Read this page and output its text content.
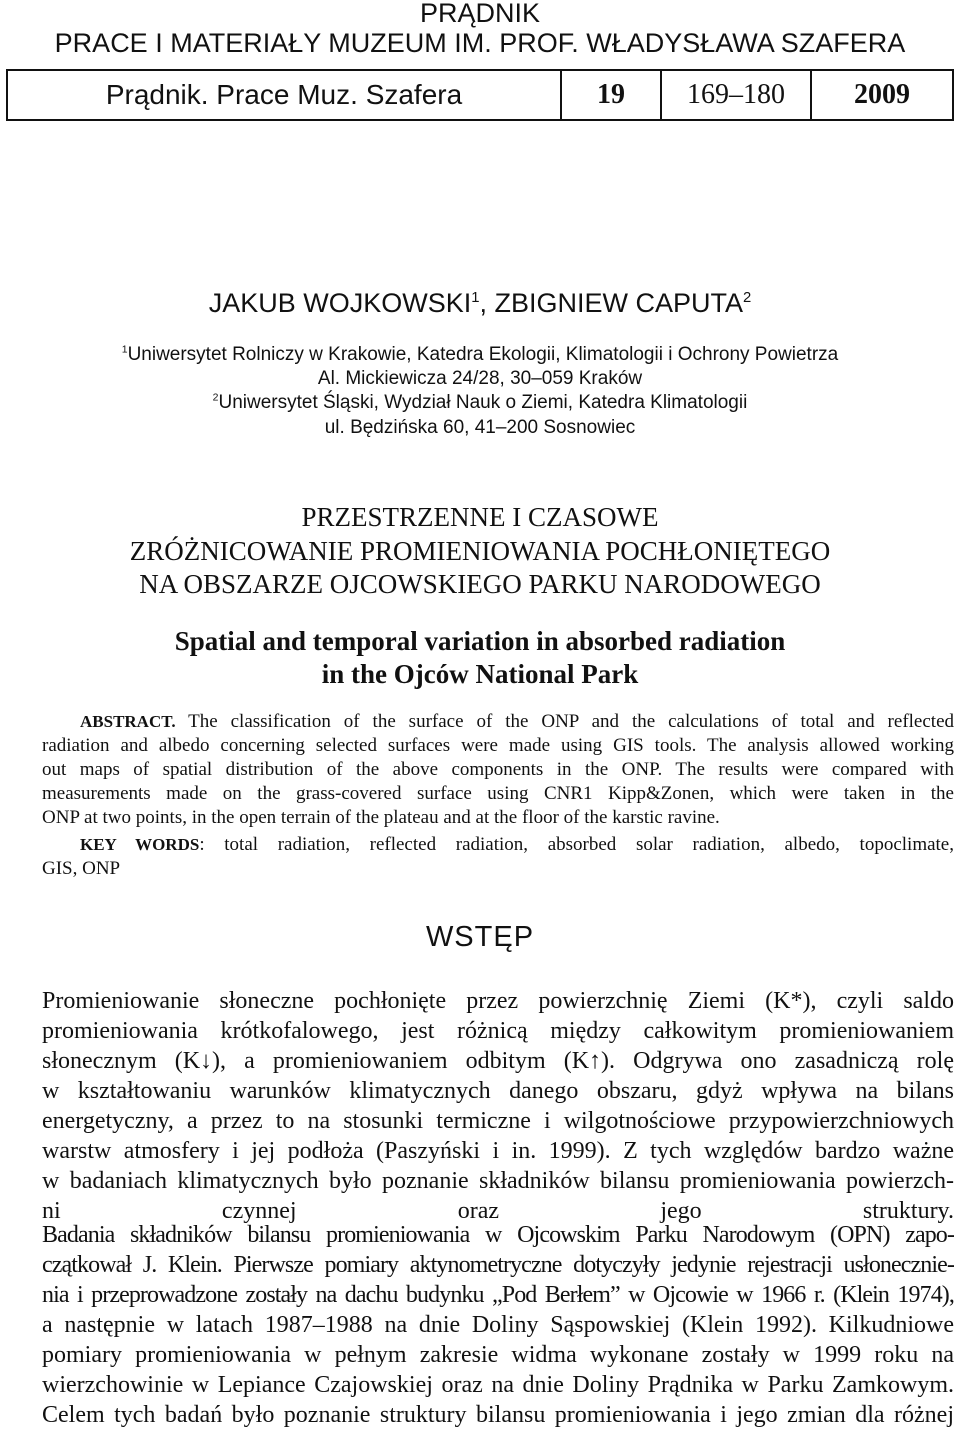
PRĄDNIK
PRACE I MATERIAŁY MUZEUM IM. PROF. WŁADYSŁAWA SZAFERA
Prądnik. Prace Muz. Szafera	19	169–180	2009
JAKUB WOJKOWSKI$^1$, ZBIGNIEW CAPUTA$^2$
$^1$Uniwersytet Rolniczy w Krakowie, Katedra Ekologii, Klimatologii i Ochrony Powietrza
Al. Mickiewicza 24/28, 30–059 Kraków
$^2$Uniwersytet Śląski, Wydział Nauk o Ziemi, Katedra Klimatologii
ul. Będzińska 60, 41–200 Sosnowiec
PRZESTRZENNE I CZASOWE
ZRÓŻNICOWANIE PROMIENIOWANIA POCHŁONIĘTEGO
NA OBSZARZE OJCOWSKIEGO PARKU NARODOWEGO
Spatial and temporal variation in absorbed radiation
in the Ojców National Park
ABSTRACT. The classification of the surface of the ONP and the calculations of total and reflected
radiation and albedo concerning selected surfaces were made using GIS tools. The analysis allowed working
out maps of spatial distribution of the above components in the ONP. The results were compared with
measurements made on the grass-covered surface using CNR1 Kipp&Zonen, which were taken in the
ONP at two points, in the open terrain of the plateau and at the floor of the karstic ravine.
KEY WORDS: total radiation, reflected radiation, absorbed solar radiation, albedo, topoclimate,
GIS, ONP
WSTĘP
Promieniowanie słoneczne pochłonięte przez powierzchnię Ziemi (K*), czyli saldo
promieniowania krótkofalowego, jest różnicą między całkowitym promieniowaniem
słonecznym (K↓), a promieniowaniem odbitym (K↑). Odgrywa ono zasadniczą rolę
w kształtowaniu warunków klimatycznych danego obszaru, gdyż wpływa na bilans
energetyczny, a przez to na stosunki termiczne i wilgotnościowe przypowierzchniowych
warstw atmosfery i jej podłoża (Paszyński i in. 1999). Z tych względów bardzo ważne
w badaniach klimatycznych było poznanie składników bilansu promieniowania powierzch-
ni czynnej oraz jego struktury.
Badania składników bilansu promieniowania w Ojcowskim Parku Narodowym (OPN) zapo-
czątkował J. Klein. Pierwsze pomiary aktynometryczne dotyczyły jedynie rejestracji usłonecznie-
nia i przeprowadzone zostały na dachu budynku „Pod Berłem” w Ojcowie w 1966 r. (Klein 1974),
a następnie w latach 1987–1988 na dnie Doliny Sąspowskiej (Klein 1992). Kilkudniowe
pomiary promieniowania w pełnym zakresie widma wykonane zostały w 1999 roku na
wierzchowinie w Lepiance Czajowskiej oraz na dnie Doliny Prądnika w Parku Zamkowym.
Celem tych badań było poznanie struktury bilansu promieniowania i jego zmian dla różnej
